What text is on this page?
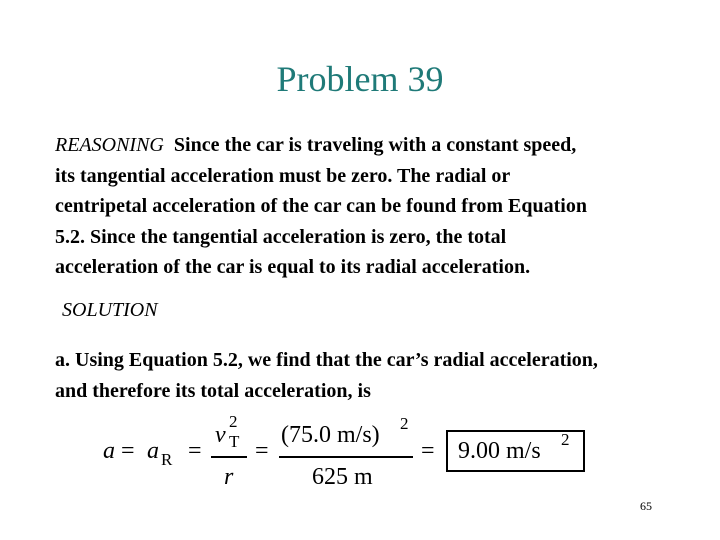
Problem 39
REASONING Since the car is traveling with a constant speed,
its tangential acceleration must be zero. The radial or
centripetal acceleration of the car can be found from Equation
5.2. Since the tangential acceleration is zero, the total
acceleration of the car is equal to its radial acceleration.
SOLUTION
a. Using Equation 5.2, we find that the car’s radial acceleration,
and therefore its total acceleration, is
a = a R =
v
2
T
r
=
(75.0 m/s) 2
625 m
= 9.00 m/s 2
65
